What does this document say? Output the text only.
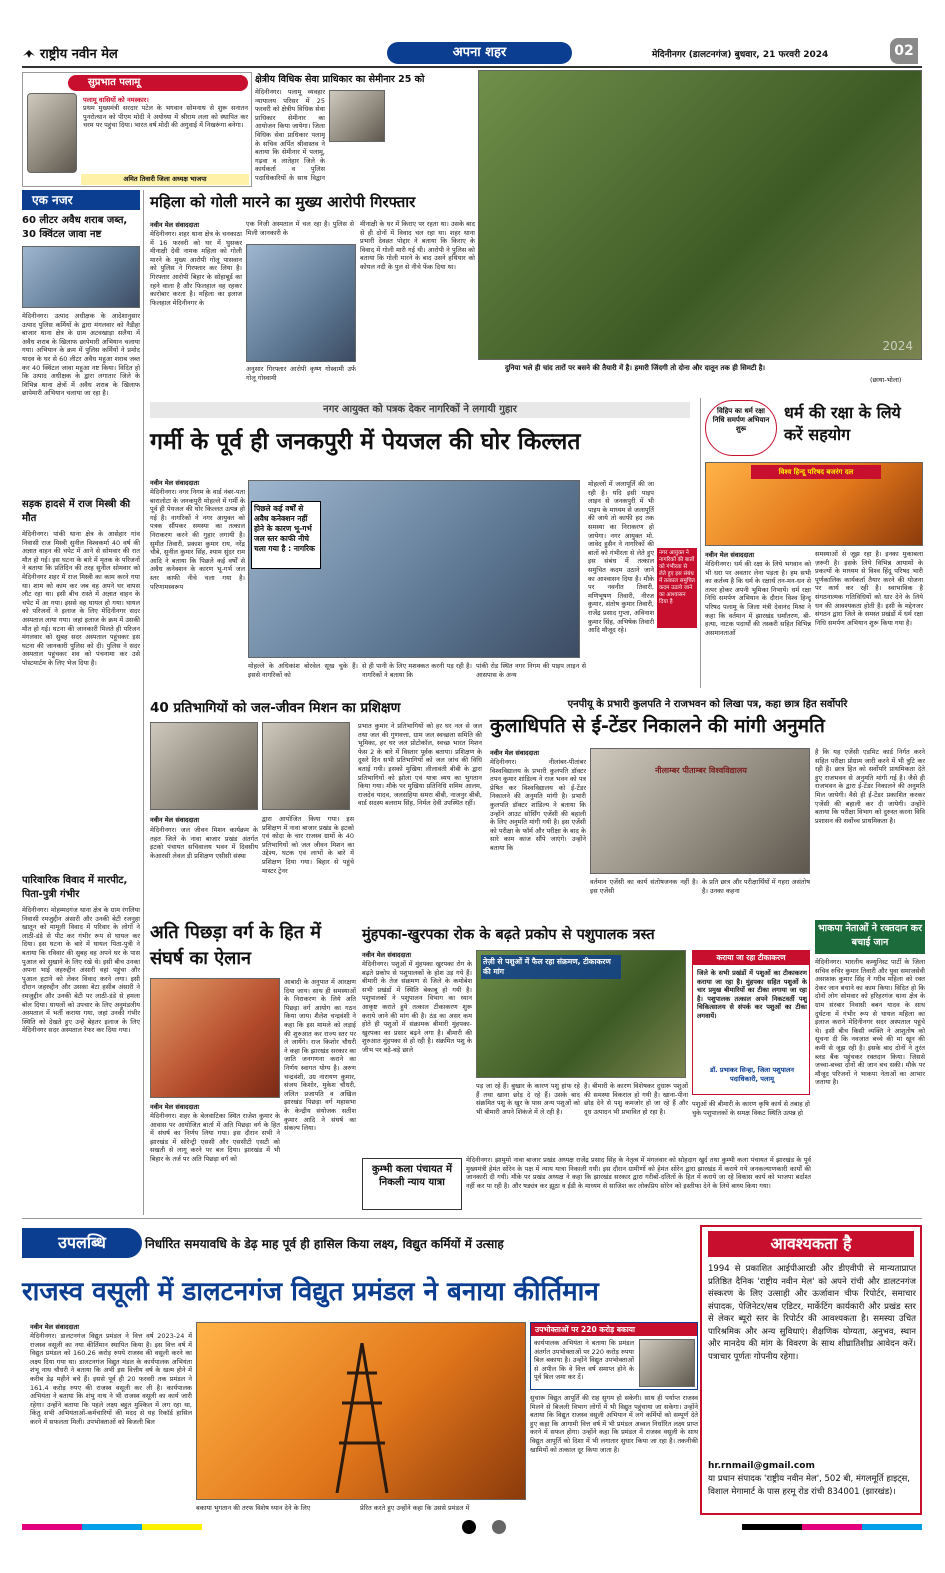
राष्ट्रीय नवीन मेल	अपना शहर	मेदिनीनगर (डालटनगंज) बुधवार, 21 फरवरी 2024	02
सुप्रभात पलामू
पलामू वासियों को नमस्कार।
प्रथम मुख्यमंत्री सरदार पटेल के भगवान सोमनाथ से शुरू सनातन पुनरोत्थान को पीएम मोदी ने अयोध्या में श्रीराम लला को स्थापित कर चरम पर पहुंचा दिया। भारत वर्ष मोदी की अगुवाई में निखरूंगा बनेगा।
अमित तिवारी जिला अध्यक्ष भाजपा
एक नजर
60 लीटर अवैध शराब जब्त, 30 क्विंटल जावा नष्ट
मेदिनीनगर। उत्पाद अधीक्षक के आदेशानुसार उत्पाद पुलिस कर्मियों के द्वारा मंगलवार को नैडीहा बाजार थाना क्षेत्र के ग्राम अटवखाड़ा सलैया में अवैध शराब के खिलाफ छापेमारी अभियान चलाया गया। अभियान के क्रम में पुलिस कर्मियों ने प्रमोद यादव के घर से 60 लीटर अवैध महुआ शराब जब्त कर 40 क्विंटल जावा महुआ नष्ट किया। विदित हो कि उत्पाद अधीक्षक के द्वारा लगातार जिले के विभिन्न थाना क्षेत्रों में अवैध शराब के खिलाफ छापेमारी अभियान चलाया जा रहा है।
सड़क हादसे में राज मिस्त्री की मौत
मेदिनीनगर। पांकी थाना क्षेत्र के आसेहार गांव निवासी राज मिस्त्री सुनील विश्वकर्मा 40 वर्ष की अज्ञात वाहन की चपेट में आने से सोमवार की रात मौत हो गई। इस घटना के बारे में मृतक के परिजनों ने बताया कि प्रतिदिन की तरह सुनील सोमवार को मेदिनीनगर शहर में राज मिस्त्री का काम करने गया था। शाम को काम कर जब वह अपने घर वापस लौट रहा था। इसी बीच रास्ते में अज्ञात वाहन के चपेट में आ गया। इससे वह घायल हो गया। घायल को परिजनों ने इलाज के लिए मेदिनीनगर सदर अस्पताल लाया गया। जहां इलाज के क्रम में उसकी मौत हो गई। घटना की जानकारी मिलते ही परिजन मंगलवार को सुबह सदर अस्पताल पहुंचकर इस घटना की जानकारी पुलिस को दी। पुलिस ने सदर अस्पताल पहुंचकर शव को पंचनामा कर उसे पोस्टमार्टम के लिए भेज दिया है।
पारिवारिक विवाद में मारपीट, पिता-पुत्री गंभीर
मेदिनीनगर। मोहम्मदगंज थाना क्षेत्र के ग्राम रंगलिया निवासी रमजुद्दीन अंसारी और उनकी बेटी रजनुहा खातून को मामूली विवाद में परिवार के लोगों ने लाठी-डंडे से पीट कर गंभीर रूप से घायल कर दिया। इस घटना के बारे में घायल पिता-पुत्री ने बताया कि रविवार की सुबह वह अपने घर के पास पुआल को सुखाने के लिए रखे थे। इसी बीच उनका अपना भाई जहरुद्दीन अंसारी वहां पहुंचा और पुआल हटाने को लेकर विवाद करने लगा। इसी दौरान जहरुद्दीन और उसका बेटा हसीब अंसारी ने रमजुद्दीन और उनकी बेटी पर लाठी-डंडे से हमला बोल दिया। घायलों को उपचार के लिए अनुमंडलीय अस्पताल में भर्ती कराया गया, जहां उनकी गंभीर स्थिति को देखते हुए उन्हें बेहतर इलाज के लिए मेदिनीनगर सदर अस्पताल रेफर कर दिया गया।
क्षेत्रीय विधिक सेवा प्राधिकार का सेमीनार 25 को
मेदिनीनगर। पलामू व्यवहार न्यायालय परिसर में 25 फरवरी को क्षेत्रीय विधिक सेवा प्राधिकार सेमीनार का आयोजन किया जायेगा। जिला विधिक सेवा प्राधिकार पलामू के सचिव अर्पित श्रीवास्तव ने बताया कि सेमीनार में पलामू, गढ़वा व लातेहार जिले के कार्यकर्ता व पुलिस पदाधिकारियों के साथ विद्वान
2024
दुनिया भले ही चांद तारों पर बसने की तैयारी में है। हमारी जिंदगी तो दोना और दातून तक ही सिमटी है।
(छाया-भोला)
महिला को गोली मारने का मुख्य आरोपी गिरफ्तार
नवीन मेल संवाददाता
मेदिनीनगर। शहर थाना क्षेत्र के चनकाठा में 16 फरवरी को घर में घुसकर मीनाक्षी देवी नामक महिला को गोली मारने के मुख्य आरोपी गोलू पासवान को पुलिस ने गिरफ्तार कर लिया है। गिरफ्तार आरोपी बिहार के सोहाबूर्ड का रहने वाला है और फिलहाल वह रहकर कारोबार करता है। महिला का इलाज फिलहाल मेदिनीनगर के
एक निजी अस्पताल में चल रहा है। पुलिस से मिली जानकारी के
अनुसार गिरफ्तार आरोपी कृष्ण गोस्वामी उर्फ गोलू गोस्वामी
मीनाक्षी के घर में किराए पर रहता था। उसके बाद से ही दोनों में विवाद चल रहा था। शहर थाना प्रभारी देवव्रत पोद्दार ने बताया कि किराए के विवाद में गोली मारी गई थी। आरोपी ने पुलिस को बताया कि गोली मारने के बाद उसने हथियार को कोयल नदी के पुल से नीचे फेंक दिया था।
नगर आयुक्त को पत्रक देकर नागरिकों ने लगायी गुहार
गर्मी के पूर्व ही जनकपुरी में पेयजल की घोर किल्लत
नवीन मेल संवाददाता
मेदिनीनगर। नगर निगम के वार्ड नंबर-पता बारालोटा के जनकपुरी मोहल्ले में गर्मी के पूर्व ही पेयजल की घोर किल्लत उत्पन्न हो गई है। नागरिकों ने नगर आयुक्त को पत्रक सौंपकर समस्या का तत्काल निराकरण करने की गुहार लगायी है। सुमीत तिवारी, प्रकाश कुमार राय, नरेंद्र चौबे, सुनील कुमार सिंह, श्याम सुंदर राम आदि ने बताया कि पिछले कई वर्षों से अवैध कनेक्शन के कारण भू-गर्भ जल स्तर काफी नीचे चला गया है। परिणामस्वरूप
पिछले कई वर्षों से अवैध कनेक्शन नहीं होने के कारण भू-गर्भ जल स्तर काफी नीचे चला गया है : नागरिक
मोहल्ले के अधिकांश बोरवेल सूख चुके हैं। इससे नागरिकों को
से ही पानी के लिए मशक्कत करनी पड़ रही है। नागरिकों ने बताया कि
पांकी रोड स्थित नगर निगम की पाइप लाइन से आसपास के अन्य
मोहल्लों में जलापूर्ति की जा रही है। यदि इसी पाइप लाइन से जनकपुरी में भी पाइप के माध्यम से जलापूर्ति की जाये तो काफी हद तक समस्या का निराकरण हो जायेगा। नगर आयुक्त मो. जावेद हुसैन ने नागरिकों की बातों को गंभीरता से लेते हुए इस संबंध में तत्काल समुचित कदम उठाने जाने का आश्वासन दिया है। मौके पर नवनीत तिवारी, मणिभूषण तिवारी, नीरज कुमार, संतोष कुमार तिवारी, राजेंद्र प्रसाद गुप्ता, अविनाश कुमार सिंह, अभिषेक तिवारी आदि मौजूद रहे।
नगर आयुक्त ने नागरिकों की बातों को गंभीरता से लेते हुए इस संबंध में तत्काल समुचित कदम उठाये जाने का आश्वासन दिया है
विहिप का धर्म रक्षा निधि समर्पण अभियान शुरू
धर्म की रक्षा के लिये करें सहयोग
विश्व हिन्दू परिषद बजरंग दल
नवीन मेल संवाददाता
मेदिनीनगर। धर्म की रक्षा के लिये भगवान को भी धरा पर अवतार लेना पड़ता है। हम सभी का कर्तव्य है कि धर्म के रक्षार्थ तन-मन-धन से तत्पर होकर अपनी भूमिका निभायें। धर्म रक्षा निधि समर्पण अभियान के दौरान विश्व हिन्दू परिषद पलामू के जिला मंत्री देवानंद मिश्रा ने कहा कि वर्तमान में झारखंड धर्मांतरण, बी-हत्या, नाटक पदार्थों की तस्करी सहित विभिन्न असमानताओं
समस्याओं से जूझ रहा है। इनका मुकाबला ज़रूरी है। इसके लिये विभिन्न आयामों के प्रकल्पों के माध्यम से विश्व हिंदू परिषद भारी पूर्णकालिक कार्यकर्ता तैयार करने की योजना पर कार्य कर रही है। स्वाभाविक है संगठनात्मक गतिविधियों को धार देने के लिये धन की आवश्यकता होती है। इसी के मद्देनजर संगठन द्वारा जिले के समस्त प्रखंडों में धर्म रक्षा निधि समर्पण अभियान शुरू किया गया है।
40 प्रतिभागियों को जल-जीवन मिशन का प्रशिक्षण
नवीन मेल संवाददाता
मेदिनीनगर। जल जीवन मिशन कार्यक्रम के तहत जिले के नावा बाजार प्रखंड अंतर्गत इटको पंचायत सचिवालय भवन में दिवसीय केआरसी लेवल डी प्रशिक्षण एसीसी संस्था
द्वारा आयोजित किया गया। इस प्रशिक्षण में नावा बाजार प्रखंड के इटको एवं कोदा के चार राजस्व ग्रामों के 40 प्रतिभागियों को जल जीवन मिशन का उद्देश्य, घटक एवं लाभों के बारे में प्रशिक्षण दिया गया। बिहार से पहुंचे मास्टर ट्रेनर
प्रभात कुमार ने प्रतिभागियों को हर घर नल से जल तथा जल की गुणवत्ता, ग्राम जल स्वच्छता समिति की भूमिका, हर घर जल प्रोटोकॉल, स्वच्छ भारत मिशन फेस 2 के बारे में विस्तार पूर्वक बताया। प्रशिक्षण के दूसरे दिन सभी प्रतिभागियों को जल जांच की विधि बताई गयी। इसको मुखिया लीलावती बीबी के द्वारा प्रतिभागियों को झोला एवं यात्रा व्यय का भुगतान किया गया। मौके पर मुखिया प्रतिनिधि शमिम आलम, राजदेव यादव, जलसहिया समरा बीबी, नाजनुर बीबी, वार्ड सदस्य बलराम सिंह, निर्मल देवी उपस्थित रहीं।
एनपीयू के प्रभारी कुलपति ने राजभवन को लिखा पत्र, कहा छात्र हित सर्वोपरि
कुलाधिपति से ई-टेंडर निकालने की मांगी अनुमति
नवीन मेल संवाददाता
मेदिनीनगर। नीलांबर-पीतांबर विश्वविद्यालय के प्रभारी कुलपति डॉक्टर तपन कुमार शांडिल्य ने राज भवन को पत्र प्रेषित कर विश्वविद्यालय को ई-टेंडर निकालने की अनुमति मांगी है। प्रभारी कुलपति डॉक्टर शांडिल्य ने बताया कि उन्होंने आउट सोर्सिंग एजेंसी की बहाली के लिए अनुमति मांगी गयी है। इस एजेंसी को परीक्षा के फॉर्म और परीक्षा के बाद के सारे काम काज सौंपे जाएंगे। उन्होंने बताया कि
नीलाम्बर पीताम्बर विश्वविद्यालय
वर्तमान एजेंसी का कार्य संतोषजनक नहीं है। इस एजेंसी
के प्रति छात्र और परीक्षार्थियों में गहरा असंतोष है। उनका कहना
है कि यह एजेंसी एडमिट कार्ड निर्गत करने सहित परीक्षा प्रोग्राम जारी करने में भी त्रुटि कर रही है। छात्र हित को सर्वोपरि प्राथमिकता देते हुए राजभवन से अनुमति मांगी गई है। जैसे ही राजभवन के द्वारा ई-टेंडर निकालने की अनुमति मिल जायेगी। वैसे ही ई-टेंडर प्रकाशित करकर एजेंसी की बहाली कर दी जायेगी। उन्होंने बताया कि परीक्षा विभाग को दुरुस्त करना विवि प्रशासन की सर्वोच्च प्राथमिकता है।
अति पिछड़ा वर्ग के हित में संघर्ष का ऐलान
नवीन मेल संवाददाता
मेदिनीनगर। शहर के बेलवाटिका स्थित राजेश कुमार के आवास पर आयोजित बार्ता में अति पिछड़ा वर्ग के हित में संघर्ष का निर्णय लिया गया। इस दौरान सभी ने झारखंड में सोरेन्ट्री एससी और एससीटी एसटी को सखती से लागू करने पर बल दिया। झारखंड में भी बिहार के तर्ज पर अति पिछड़ा वर्ग को
आबादी के अनुपात में आरक्षण दिया जाय। साथ ही समस्याओं के निराकरण के लिये अति पिछड़ा वर्ग आयोग का गठन किया जाय। शैलेश चन्द्रवंशी ने कहा कि इस मामले को लड़ाई की शुरुआत कर राज्य स्तर पर ले जायेंगे। राज किशोर चौधरी ने कहा कि झारखंड सरकार का जाति जनगणना कराने का निर्णय स्वागत योग्य है। अरुण चन्द्रवंशी, उग्र नारायण कुमार, संजय किशोर, मुकेश चौधरी, ललित प्रजापति व अखिल झारखंड पिछड़ा वर्ग महासभा के केन्द्रीय संयोजक सतीश कुमार आदि ने संघर्ष का संकल्प लिया।
मुंहपका-खुरपका रोक के बढ़ते प्रकोप से पशुपालक त्रस्त
नवीन मेल संवाददाता
मेदिनीनगर। पशुओं में मुंहपका खुरपका रोग के बढ़ते प्रकोप से पशुपालकों के होश उड़ गये हैं। बीमारी के तेज संक्रमण से जिले के कमोबेश सभी प्रखंडों में स्थिति बेकाबू हो गयी है। पशुपालकों ने पशुपालन विभाग का ध्यान आकृष्ट कराते हुये तत्काल टीकाकरण शुरू कराये जाने की मांग की है। ठंड का असर कम होते ही पशुओं में संक्रामक बीमारी मुंहपका-खुरपका का प्रसार बढ़ने लगा है। बीमारी की शुरुआत मुंहपका से हो रही है। संक्रमित पशु के जीभ पर बड़े-बड़े छाले
तेज़ी से पशुओं में फैल रहा संक्रमण, टीकाकरण की मांग
पड़ जा रहे हैं। बुखार के कारण पशु हांफ रहे हैं तथा खाना छोड़ दे रहे हैं। उसके बाद संक्रमित पशु के खुर के पास अन्य पशुओं को भी बीमारी अपने शिकंजे में ले रही है।
है। बीमारी के कारण विशेषकर दुधारू पशुओं की समस्या विकराल हो गयी है। खाना-पीना छोड़ देने से पशु कमजोर हो जा रहे हैं और दूध उत्पादन भी प्रभावित हो रहा है।
कराया जा रहा टीकाकरण
जिले के सभी प्रखंडों में पशुओं का टीकाकरण कराया जा रहा है। मुंहपका सहित पशुओं के चार प्रमुख बीमारियों का टीका लगाया जा रहा है। पशुपालक तत्काल अपने निकटवर्ती पशु चिकित्सालय से संपर्क कर पशुओं का टीका लगवायें।
डॉ. प्रभाकर सिन्हा, जिला पशुपालन पदाधिकारी, पलामू
पशुओं की बीमारी के कारण कृषि कार्य से तबाह हो चुके पशुपालकों के समक्ष विकट स्थिति उत्पन्न हो
कुम्भी कला पंचायत में निकली न्याय यात्रा
मेदिनीनगर। झामुमो नावा बाजार प्रखंड अध्यक्ष राजेंद्र प्रसाद सिंह के नेतृत्व में मंगलवार को सोहदाग खुर्द तथा कुम्भी कला पंचायत में झारखंड के पूर्व मुख्यमंत्री हेमंत सोरेन के पक्ष में न्याय यात्रा निकाली गयी। इस दौरान ग्रामीणों को हेमंत सोरेन द्वारा झारखंड में कराये गये जनकल्याणकारी कार्यों की जानकारी दी गयी। मौके पर प्रखंड अध्यक्ष ने कहा कि झारखंड सरकार द्वारा गरीबों-दलितों के हित में कराये जा रहे विकास कार्य को भाजपा बर्दाश्त नहीं कर पा रही है। और षड्यंत्र कर झूठा व ईडी के माध्यम से साजिश कर लोकप्रिय सोरेन को इस्तीफा देने के लिये बाध्य किया गया।
भाकपा नेताओं ने रक्तदान कर बचाई जान
मेदिनीनगर। भारतीय कम्युनिस्ट पार्टी के जिला सचिव रुचिर कुमार तिवारी और युवा समाजसेवी असफ़ाक कुमार सिंह ने गरीब महिला को रक्त देकर जान बचाने का काम किया। विदित हो कि दोनों लोग सोमवार को हरिहरगंज थाना क्षेत्र के ग्राम संरबार निवासी बबन यादव के साथ दुर्घटना में गंभीर रूप से घायल महिला का इलाज कराने मेदिनीनगर सदर अस्पताल पहुंचे थे। इसी बीच किसी व्यक्ति ने आशुतोष को सूचना दी कि नवजात बच्चे की मां खून की कमी से जूझ रही है। इसके बाद दोनों ने तुरंत ब्लड बैंक पहुंचकर रक्तदान किया। जिससे जच्चा-बच्चा दोनों की जान बच सकी। मौके पर मौजूद परिजनों ने भाकपा नेताओं का आभार जताया है।
उपलब्धि	निर्धारित समयावधि के डेढ़ माह पूर्व ही हासिल किया लक्ष्य, विद्युत कर्मियों में उत्साह
राजस्व वसूली में डालटनगंज विद्युत प्रमंडल ने बनाया कीर्तिमान
नवीन मेल संवाददाता
मेदिनीनगर। डालटनगंज विद्युत प्रमंडल ने वित्त वर्ष 2023-24 में राजस्व वसूली का नया कीर्तिमान स्थापित किया है। इस वित्त वर्ष में विद्युत प्रमंडल को 160.26 करोड़ रुपये राजस्व की वसूली करने का लक्ष्य दिया गया था। डालटनगंज विद्युत मंडल के कार्यपालक अभियंता शंभू नाथ चौधरी ने बताया कि अभी इस वित्तीय वर्ष के खत्म होने में करीब डेढ़ महीने बचे हैं। इससे पूर्व ही 20 फरवरी तक प्रमंडल ने 161.4 करोड़ रुपए की राजस्व वसूली कर ली है। कार्यपालक अभियंता ने बताया कि शंभु नाथ ने भी राजस्व वसूली का कार्य जारी रहेगा। उन्होंने बताया कि पहले लक्ष्य बहुत मुश्किल में लग रहा था, किंतु सभी अभियंताओं-कर्मचारियों की मदद से यह रिकॉर्ड हासिल करने में सफलता मिली। उपभोक्ताओं को बिजली बिल
बकाया भुगतान की तरफ विशेष ध्यान देने के लिए
उपभोक्ताओं पर 220 करोड़ बकाया
कार्यपालक अभियंता ने बताया कि प्रमंडल अंतर्गत उपभोक्ताओं पर 220 करोड़ रुपया बिल बकाया है। उन्होंने विद्युत उपभोक्ताओं से अपील कि वे वित्त वर्ष समाप्त होने के पूर्व बिल जमा कर दें।
सुचारू विद्युत आपूर्ति की राह सुगम हो सकेगी। साथ ही पर्याप्त राजस्व मिलने से बिजली विभाग लोगों में भी विद्युत पहुंचाया जा सकेगा। उन्होंने बताया कि विद्युत राजस्व वसूली अभियान में लगे कर्मियों को सम्पूर्ण देते हुए कहा कि आगामी वित्त वर्ष में भी प्रमंडल अव्वल निर्धारित लक्ष्य प्राप्त करने में सफल होगा। उन्होंने कहा कि प्रमंडल में राजस्व वसूली के साथ विद्युत आपूर्ति को दिशा में भी लगातार सुधार किया जा रहा है। तकनीकी खामियों को तत्काल दूर किया जाता है।
प्रेरित करते हुए उन्होंने कहा कि उससे प्रमंडल में
आवश्यकता है
1994 से प्रकाशित आईपीआरडी और डीएवीपी से मान्यताप्राप्त प्रतिष्ठित दैनिक 'राष्ट्रीय नवीन मेल' को अपने रांची और डालटनगंज संस्करण के लिए उत्साही और ऊर्जावान चीफ रिपोर्टर, समाचार संपादक, पेजिनेटर/सब एडिटर, मार्केटिंग कार्यकारी और प्रखंड स्तर से लेकर ब्यूरो स्तर के रिपोर्टर की आवश्यकता है। समस्या उचित पारिश्रमिक और अन्य सुविधाएं। शैक्षणिक योग्यता, अनुभव, स्थान और मानदेय की मांग के विवरण के साथ शीघ्रातिशीघ्र आवेदन करें। पत्राचार पूर्णतः गोपनीय रहेगा।
hr.rnmail@gmail.com
या प्रधान संपादक 'राष्ट्रीय नवीन मेल', 502 बी, मंगलमूर्ति हाइट्स, विशाल मेगामार्ट के पास हरमू रोड रांची 834001 (झारखंड)।
